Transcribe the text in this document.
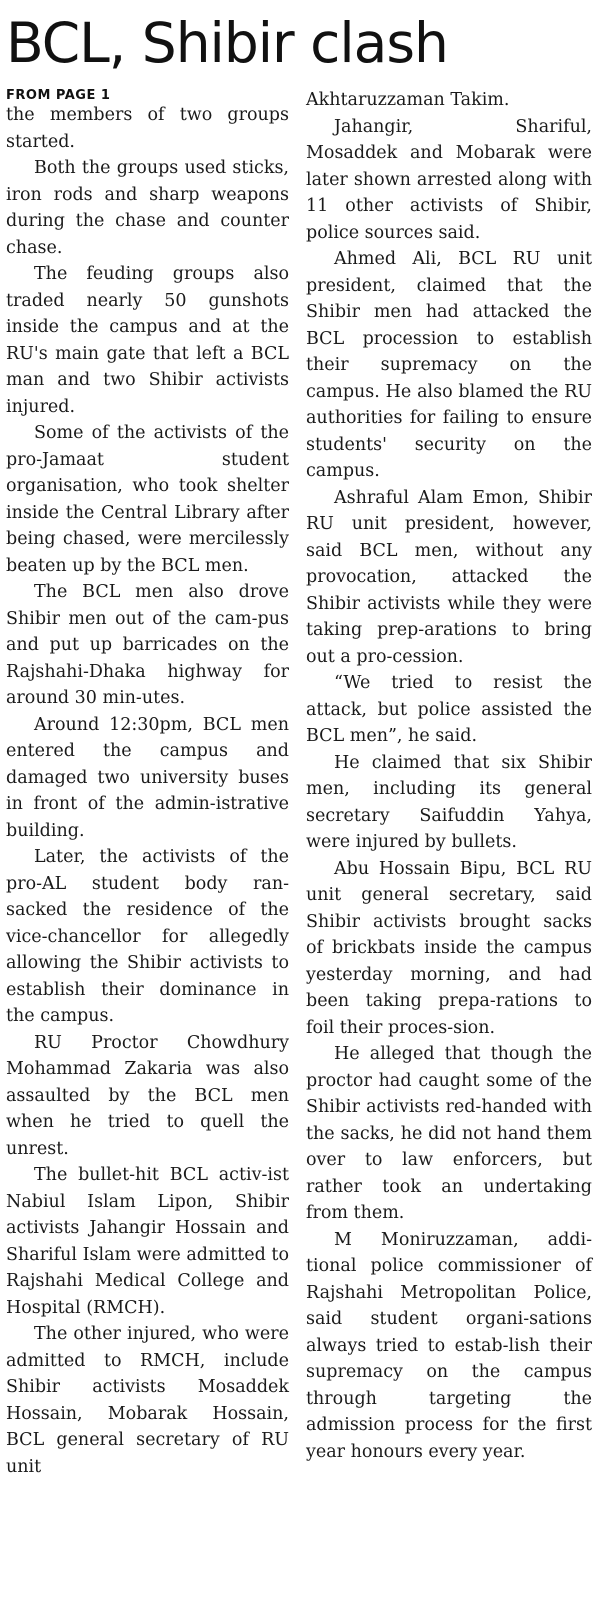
BCL, Shibir clash
FROM PAGE 1

the members of two groups started.

Both the groups used sticks, iron rods and sharp weapons during the chase and counter chase.

The feuding groups also traded nearly 50 gunshots inside the campus and at the RU's main gate that left a BCL man and two Shibir activists injured.

Some of the activists of the pro-Jamaat student organisation, who took shelter inside the Central Library after being chased, were mercilessly beaten up by the BCL men.

The BCL men also drove Shibir men out of the cam-pus and put up barricades on the Rajshahi-Dhaka highway for around 30 min-utes.

Around 12:30pm, BCL men entered the campus and damaged two university buses in front of the admin-istrative building.

Later, the activists of the pro-AL student body ran-sacked the residence of the vice-chancellor for allegedly allowing the Shibir activists to establish their dominance in the campus.

RU Proctor Chowdhury Mohammad Zakaria was also assaulted by the BCL men when he tried to quell the unrest.

The bullet-hit BCL activ-ist Nabiul Islam Lipon, Shibir activists Jahangir Hossain and Shariful Islam were admitted to Rajshahi Medical College and Hospital (RMCH).

The other injured, who were admitted to RMCH, include Shibir activists Mosaddek Hossain, Mobarak Hossain, BCL general secretary of RU unit

Akhtaruzzaman Takim.

Jahangir, Shariful, Mosaddek and Mobarak were later shown arrested along with 11 other activists of Shibir, police sources said.

Ahmed Ali, BCL RU unit president, claimed that the Shibir men had attacked the BCL procession to establish their supremacy on the campus. He also blamed the RU authorities for failing to ensure students' security on the campus.

Ashraful Alam Emon, Shibir RU unit president, however, said BCL men, without any provocation, attacked the Shibir activists while they were taking prep-arations to bring out a pro-cession.

“We tried to resist the attack, but police assisted the BCL men”, he said.

He claimed that six Shibir men, including its general secretary Saifuddin Yahya, were injured by bullets.

Abu Hossain Bipu, BCL RU unit general secretary, said Shibir activists brought sacks of brickbats inside the campus yesterday morning, and had been taking prepa-rations to foil their proces-sion.

He alleged that though the proctor had caught some of the Shibir activists red-handed with the sacks, he did not hand them over to law enforcers, but rather took an undertaking from them.

M Moniruzzaman, addi-tional police commissioner of Rajshahi Metropolitan Police, said student organi-sations always tried to estab-lish their supremacy on the campus through targeting the admission process for the first year honours every year.
